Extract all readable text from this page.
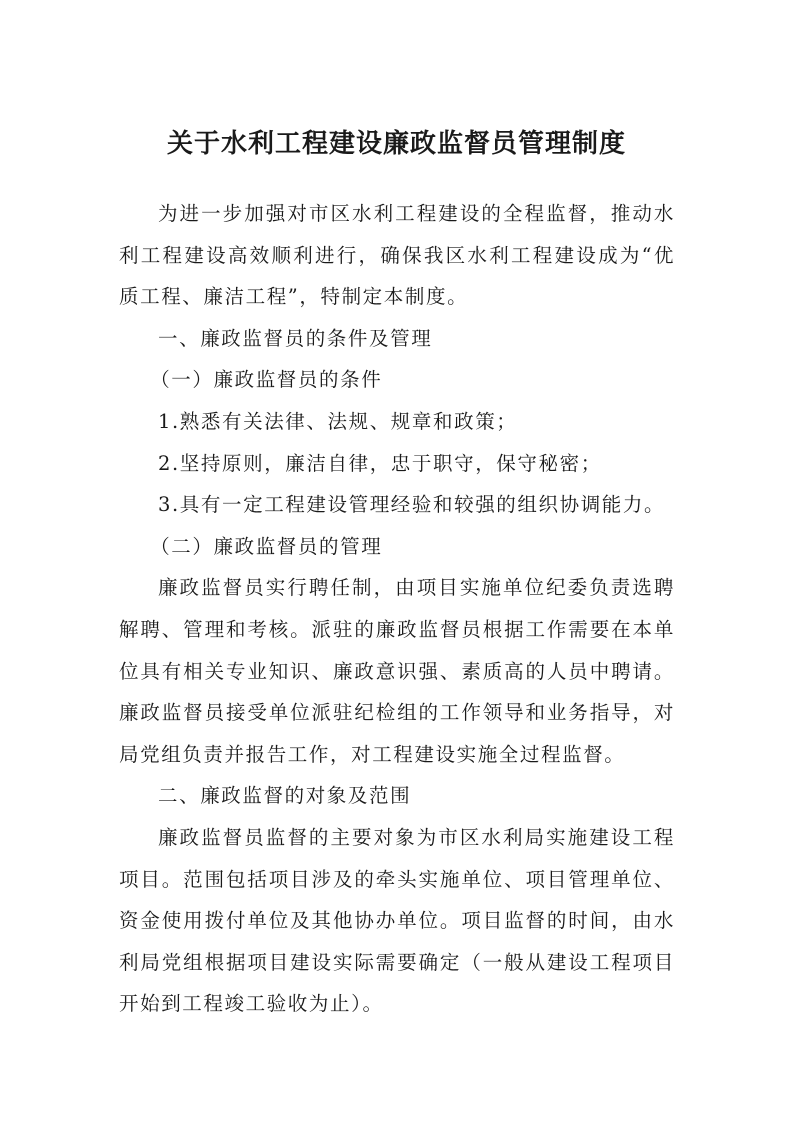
关于水利工程建设廉政监督员管理制度

为进一步加强对市区水利工程建设的全程监督，推动水利工程建设高效顺利进行，确保我区水利工程建设成为“优质工程、廉洁工程”，特制定本制度。

一、廉政监督员的条件及管理

（一）廉政监督员的条件

1.熟悉有关法律、法规、规章和政策；

2.坚持原则，廉洁自律，忠于职守，保守秘密；

3.具有一定工程建设管理经验和较强的组织协调能力。

（二）廉政监督员的管理

廉政监督员实行聘任制，由项目实施单位纪委负责选聘解聘、管理和考核。派驻的廉政监督员根据工作需要在本单位具有相关专业知识、廉政意识强、素质高的人员中聘请。廉政监督员接受单位派驻纪检组的工作领导和业务指导，对局党组负责并报告工作，对工程建设实施全过程监督。

二、廉政监督的对象及范围

廉政监督员监督的主要对象为市区水利局实施建设工程项目。范围包括项目涉及的牵头实施单位、项目管理单位、资金使用拨付单位及其他协办单位。项目监督的时间，由水利局党组根据项目建设实际需要确定（一般从建设工程项目开始到工程竣工验收为止）。
